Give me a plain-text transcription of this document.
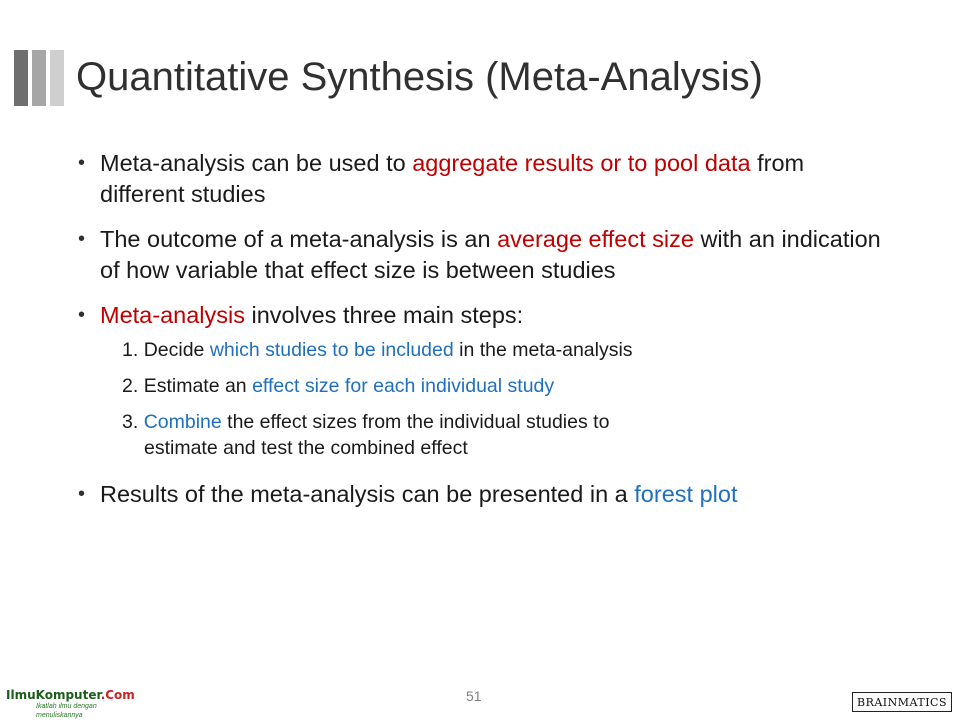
Quantitative Synthesis (Meta-Analysis)
• Meta-analysis can be used to aggregate results or to pool data from different studies
• The outcome of a meta-analysis is an average effect size with an indication of how variable that effect size is between studies
• Meta-analysis involves three main steps:
1. Decide which studies to be included in the meta-analysis
2. Estimate an effect size for each individual study
3. Combine the effect sizes from the individual studies to
estimate and test the combined effect
• Results of the meta-analysis can be presented in a forest plot
51
IlmuKomputer.Com
Ikatlah ilmu dengan menuliskannya
BRAINMATICS
